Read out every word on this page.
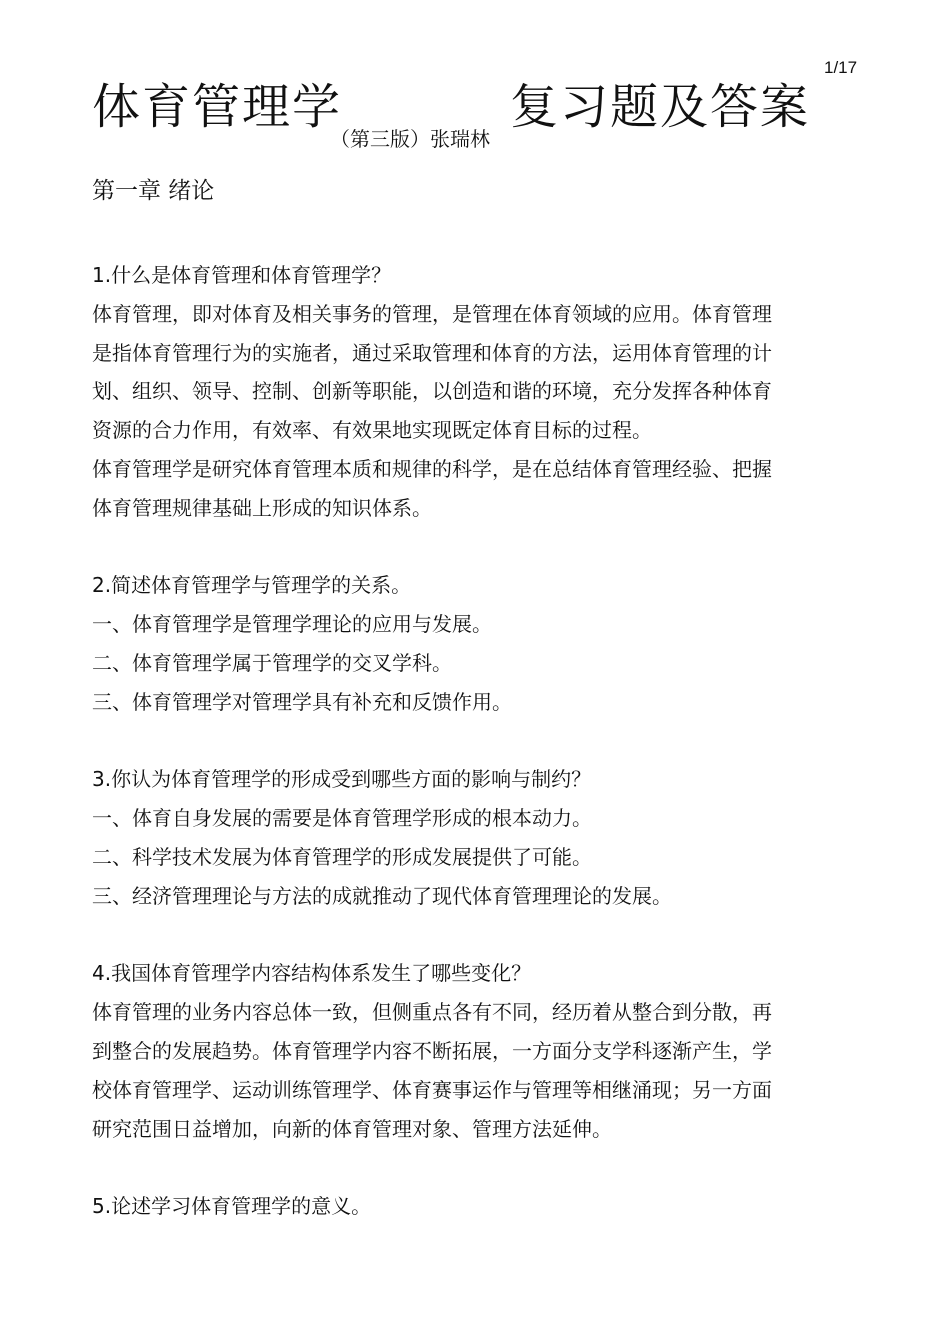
1/17
体育管理学	复习题及答案
（第三版）张瑞林
第一章 绪论
1.什么是体育管理和体育管理学？
体育管理，即对体育及相关事务的管理，是管理在体育领域的应用。体育管理
是指体育管理行为的实施者，通过采取管理和体育的方法，运用体育管理的计
划、组织、领导、控制、创新等职能，以创造和谐的环境，充分发挥各种体育
资源的合力作用，有效率、有效果地实现既定体育目标的过程。
体育管理学是研究体育管理本质和规律的科学，是在总结体育管理经验、把握
体育管理规律基础上形成的知识体系。
2.简述体育管理学与管理学的关系。
一、体育管理学是管理学理论的应用与发展。
二、体育管理学属于管理学的交叉学科。
三、体育管理学对管理学具有补充和反馈作用。
3.你认为体育管理学的形成受到哪些方面的影响与制约？
一、体育自身发展的需要是体育管理学形成的根本动力。
二、科学技术发展为体育管理学的形成发展提供了可能。
三、经济管理理论与方法的成就推动了现代体育管理理论的发展。
4.我国体育管理学内容结构体系发生了哪些变化？
体育管理的业务内容总体一致，但侧重点各有不同，经历着从整合到分散，再
到整合的发展趋势。体育管理学内容不断拓展，一方面分支学科逐渐产生，学
校体育管理学、运动训练管理学、体育赛事运作与管理等相继涌现；另一方面
研究范围日益增加，向新的体育管理对象、管理方法延伸。
5.论述学习体育管理学的意义。
